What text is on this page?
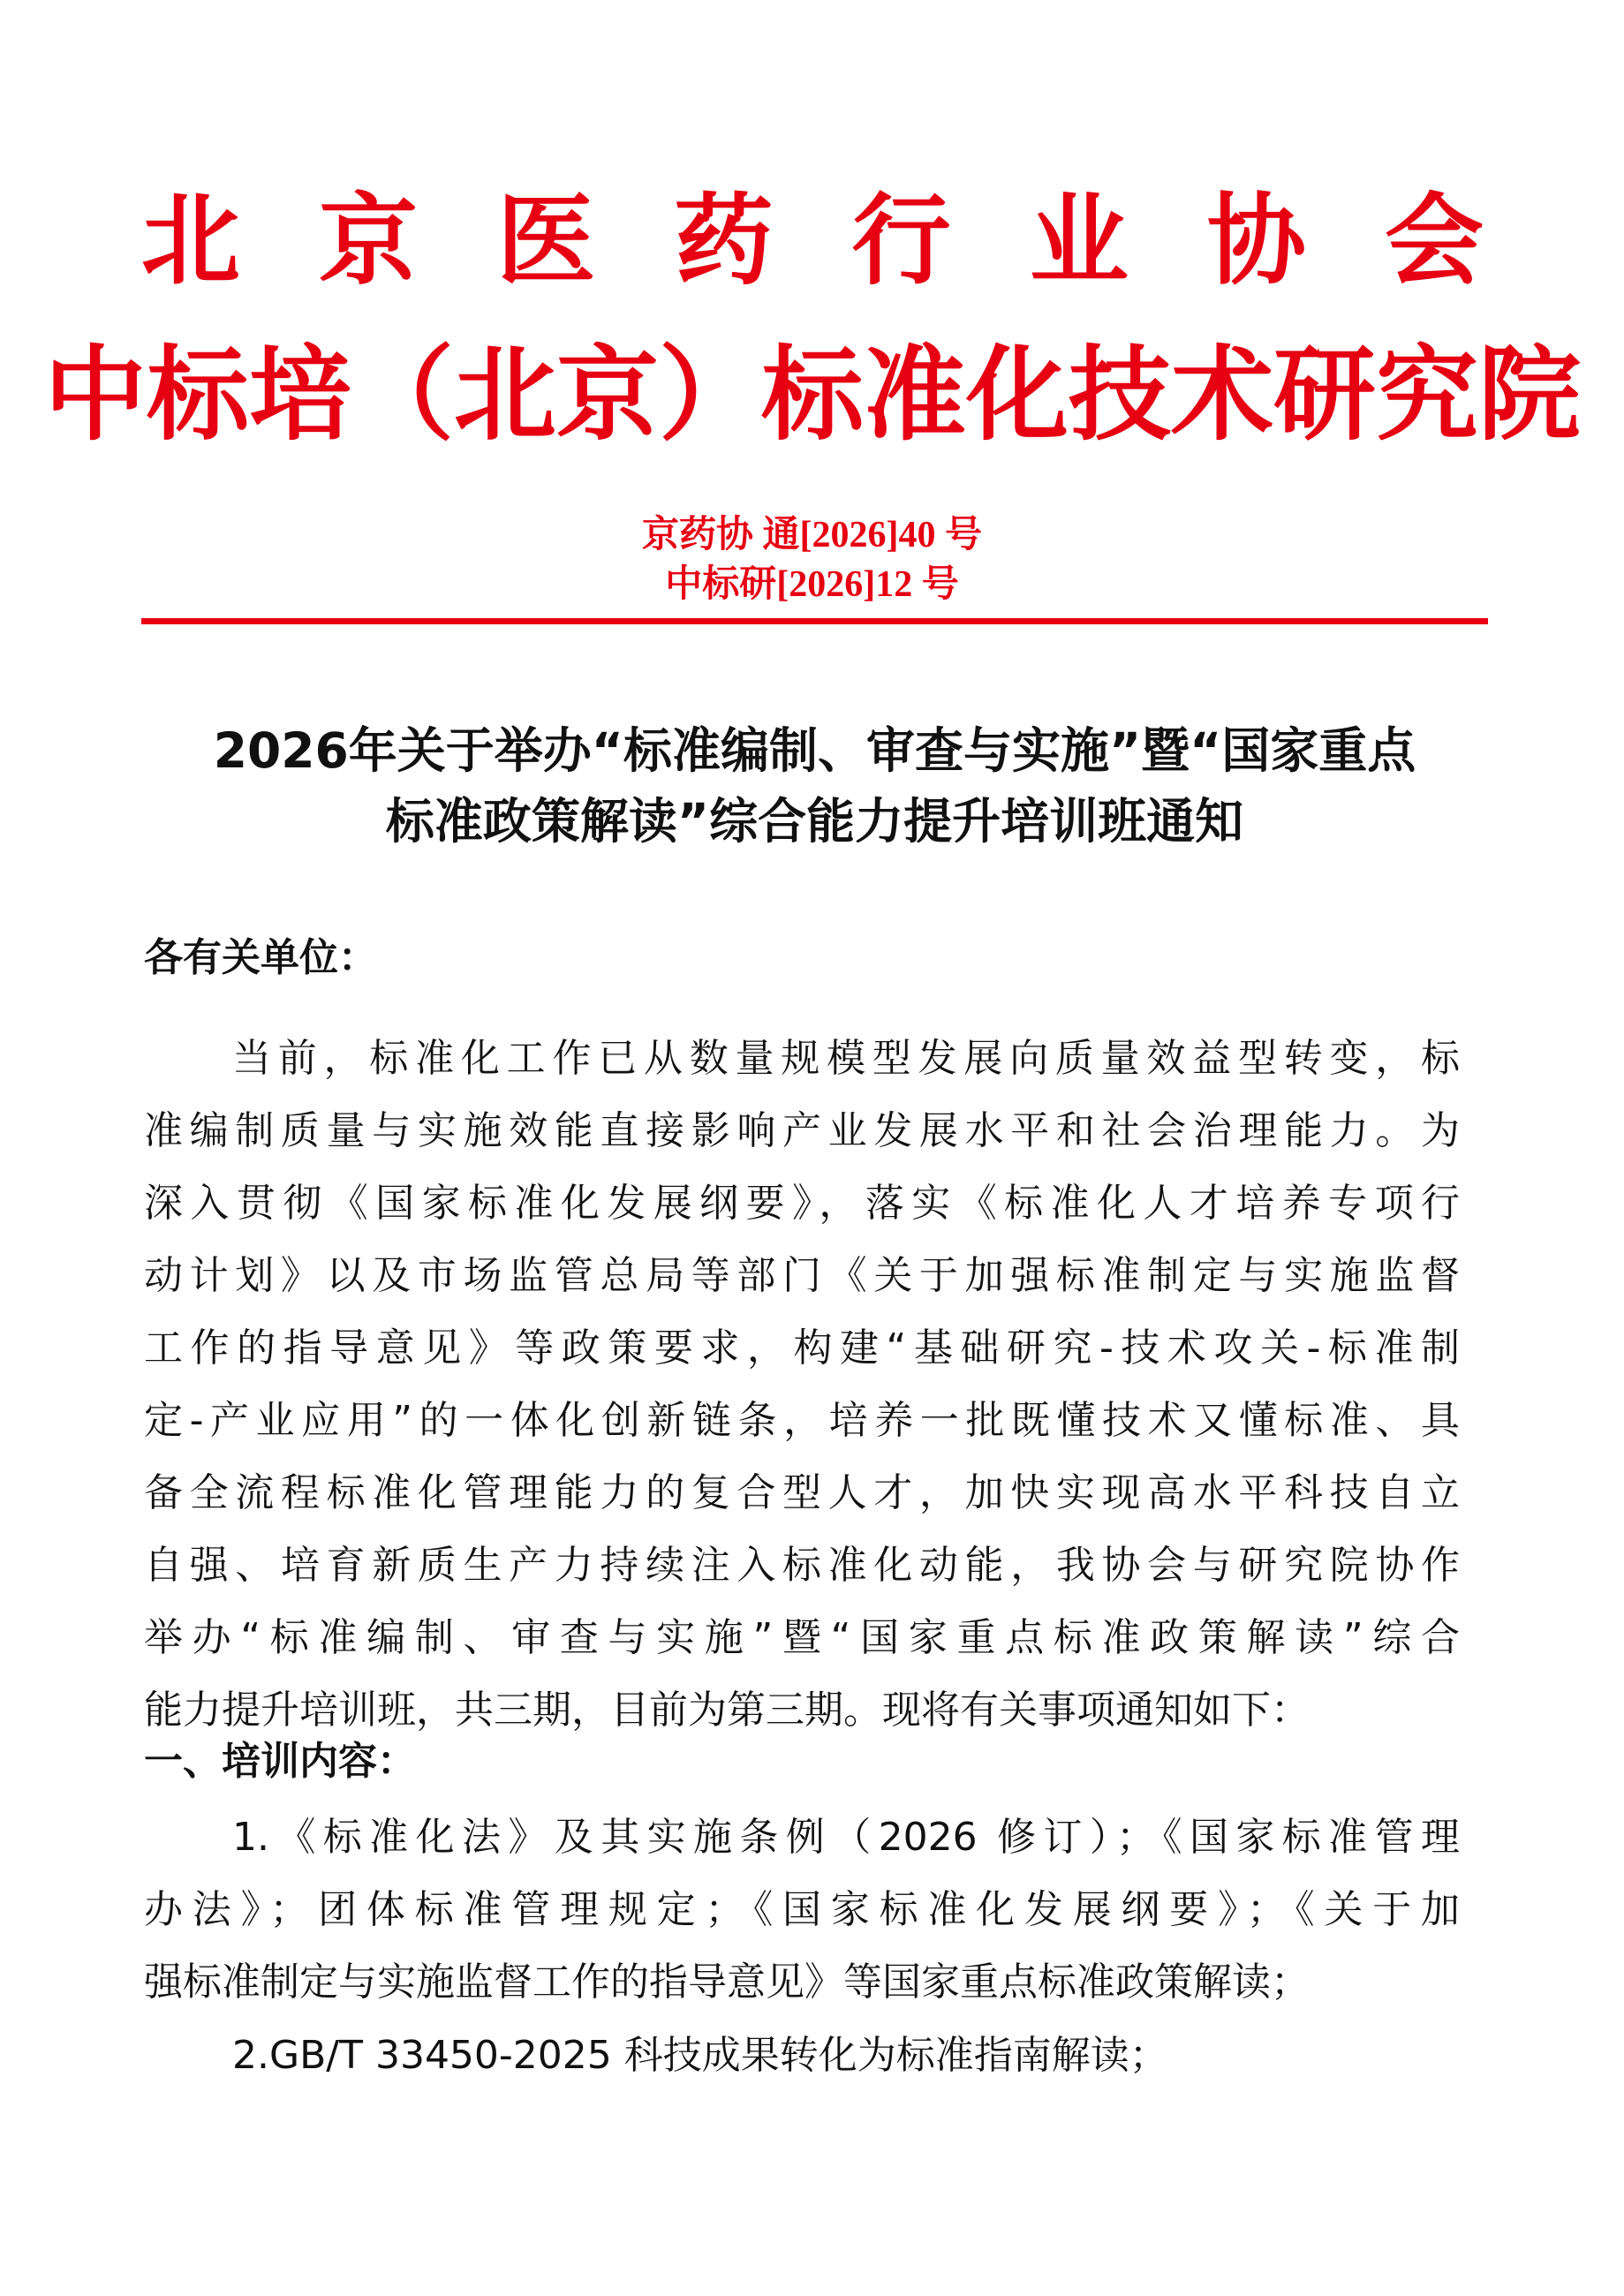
北 京 医 药 行 业 协 会
中标培（北京）标准化技术研究院
京药协 通[2026]40 号
中标研[2026]12 号
2026年关于举办“标准编制、审查与实施”暨“国家重点
标准政策解读”综合能力提升培训班通知
各有关单位：
当前，标准化工作已从数量规模型发展向质量效益型转变，标
准编制质量与实施效能直接影响产业发展水平和社会治理能力。为
深入贯彻《国家标准化发展纲要》，落实《标准化人才培养专项行
动计划》以及市场监管总局等部门《关于加强标准制定与实施监督
工作的指导意见》等政策要求，构建“基础研究-技术攻关-标准制
定-产业应用”的一体化创新链条，培养一批既懂技术又懂标准、具
备全流程标准化管理能力的复合型人才，加快实现高水平科技自立
自强、培育新质生产力持续注入标准化动能，我协会与研究院协作
举办“标准编制、审查与实施”暨“国家重点标准政策解读”综合
能力提升培训班，共三期，目前为第三期。现将有关事项通知如下：
一、培训内容：
1.《标准化法》及其实施条例（2026 修订）；《国家标准管理
办法》；团体标准管理规定；《国家标准化发展纲要》；《关于加
强标准制定与实施监督工作的指导意见》等国家重点标准政策解读；
2.GB/T 33450-2025 科技成果转化为标准指南解读；
